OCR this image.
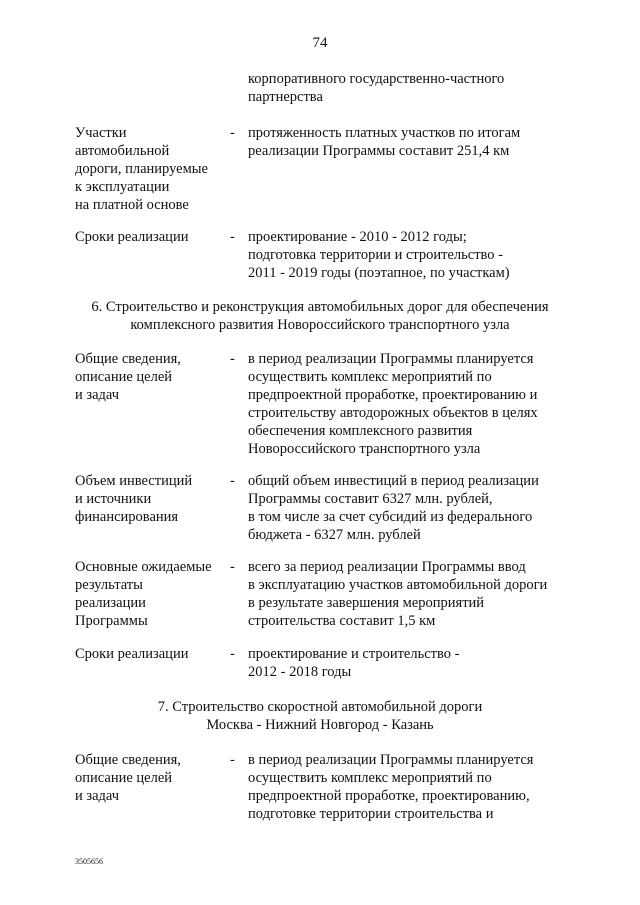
74
корпоративного государственно-частного
партнерства
Участки
автомобильной
дороги, планируемые
к эксплуатации
на платной основе
- протяженность платных участков по итогам
реализации Программы составит 251,4 км
Сроки реализации	- проектирование - 2010 - 2012 годы;
подготовка территории и строительство -
2011 - 2019 годы (поэтапное, по участкам)
6. Строительство и реконструкция автомобильных дорог для обеспечения
комплексного развития Новороссийского транспортного узла
Общие сведения,
описание целей
и задач
- в период реализации Программы планируется
осуществить комплекс мероприятий по
предпроектной проработке, проектированию и
строительству автодорожных объектов в целях
обеспечения комплексного развития
Новороссийского транспортного узла
Объем инвестиций
и источники
финансирования
- общий объем инвестиций в период реализации
Программы составит 6327 млн. рублей,
в том числе за счет субсидий из федерального
бюджета - 6327 млн. рублей
Основные ожидаемые
результаты
реализации
Программы
- всего за период реализации Программы ввод
в эксплуатацию участков автомобильной дороги
в результате завершения мероприятий
строительства составит 1,5 км
Сроки реализации	- проектирование и строительство -
2012 - 2018 годы
7. Строительство скоростной автомобильной дороги
Москва - Нижний Новгород - Казань
Общие сведения,
описание целей
и задач
- в период реализации Программы планируется
осуществить комплекс мероприятий по
предпроектной проработке, проектированию,
подготовке территории строительства и
3505656
